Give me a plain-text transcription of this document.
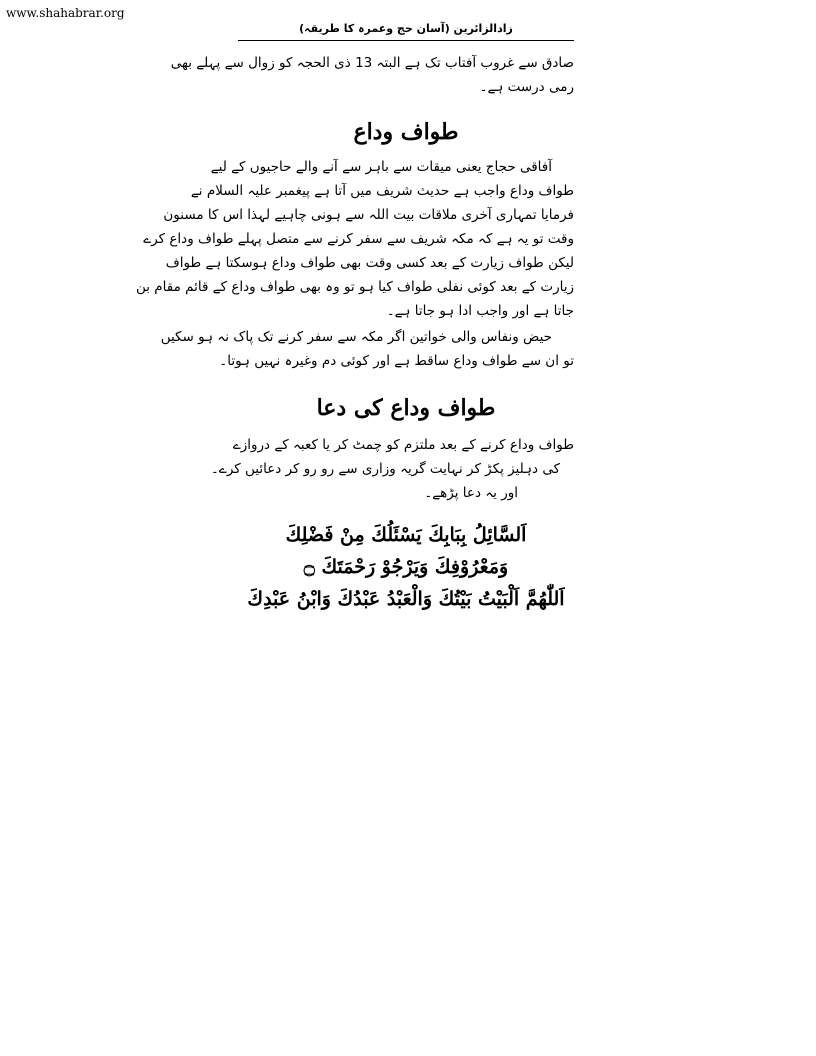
www.shahabrar.org
زادالزائرین (آسان حج وعمرہ کا طریقہ)
صادق سے غروب آفتاب تک ہے البتہ 13 ذی الحجہ کو زوال سے پہلے بھی
رمی درست ہے۔
طواف وداع
آفاقی حجاج یعنی میقات سے باہر سے آنے والے حاجیوں کے لیے
طواف وداع واجب ہے حدیث شریف میں آتا ہے پیغمبر علیہ السلام نے
فرمایا تمہاری آخری ملاقات بیت اللہ سے ہونی چاہیے لہذا اس کا مسنون
وقت تو یہ ہے کہ مکہ شریف سے سفر کرنے سے متصل پہلے طواف وداع کرے
لیکن طواف زیارت کے بعد کسی وقت بھی طواف وداع ہوسکتا ہے طواف
زیارت کے بعد کوئی نفلی طواف کیا ہو تو وہ بھی طواف وداع کے قائم مقام بن
جاتا ہے اور واجب ادا ہو جاتا ہے۔
حیض ونفاس والی خواتین اگر مکہ سے سفر کرنے تک پاک نہ ہو سکیں
تو ان سے طواف وداع ساقط ہے اور کوئی دم وغیرہ نہیں ہوتا۔
طواف وداع کی دعا
طواف وداع کرنے کے بعد ملتزم کو چمٹ کر یا کعبہ کے دروازے
کی دہلیز پکڑ کر نہایت گریہ وزاری سے رو رو کر دعائیں کرے۔
اور یہ دعا پڑھے۔

اَلسَّائِلُ بِبَابِكَ يَسْئَلُكَ مِنْ فَضْلِكَ

وَمَعْرُوْفِكَ وَيَرْجُوْ رَحْمَتَكَ ۝

اَللّٰهُمَّ اَلْبَيْتُ بَيْتُكَ وَالْعَبْدُ عَبْدُكَ وَابْنُ عَبْدِكَ
